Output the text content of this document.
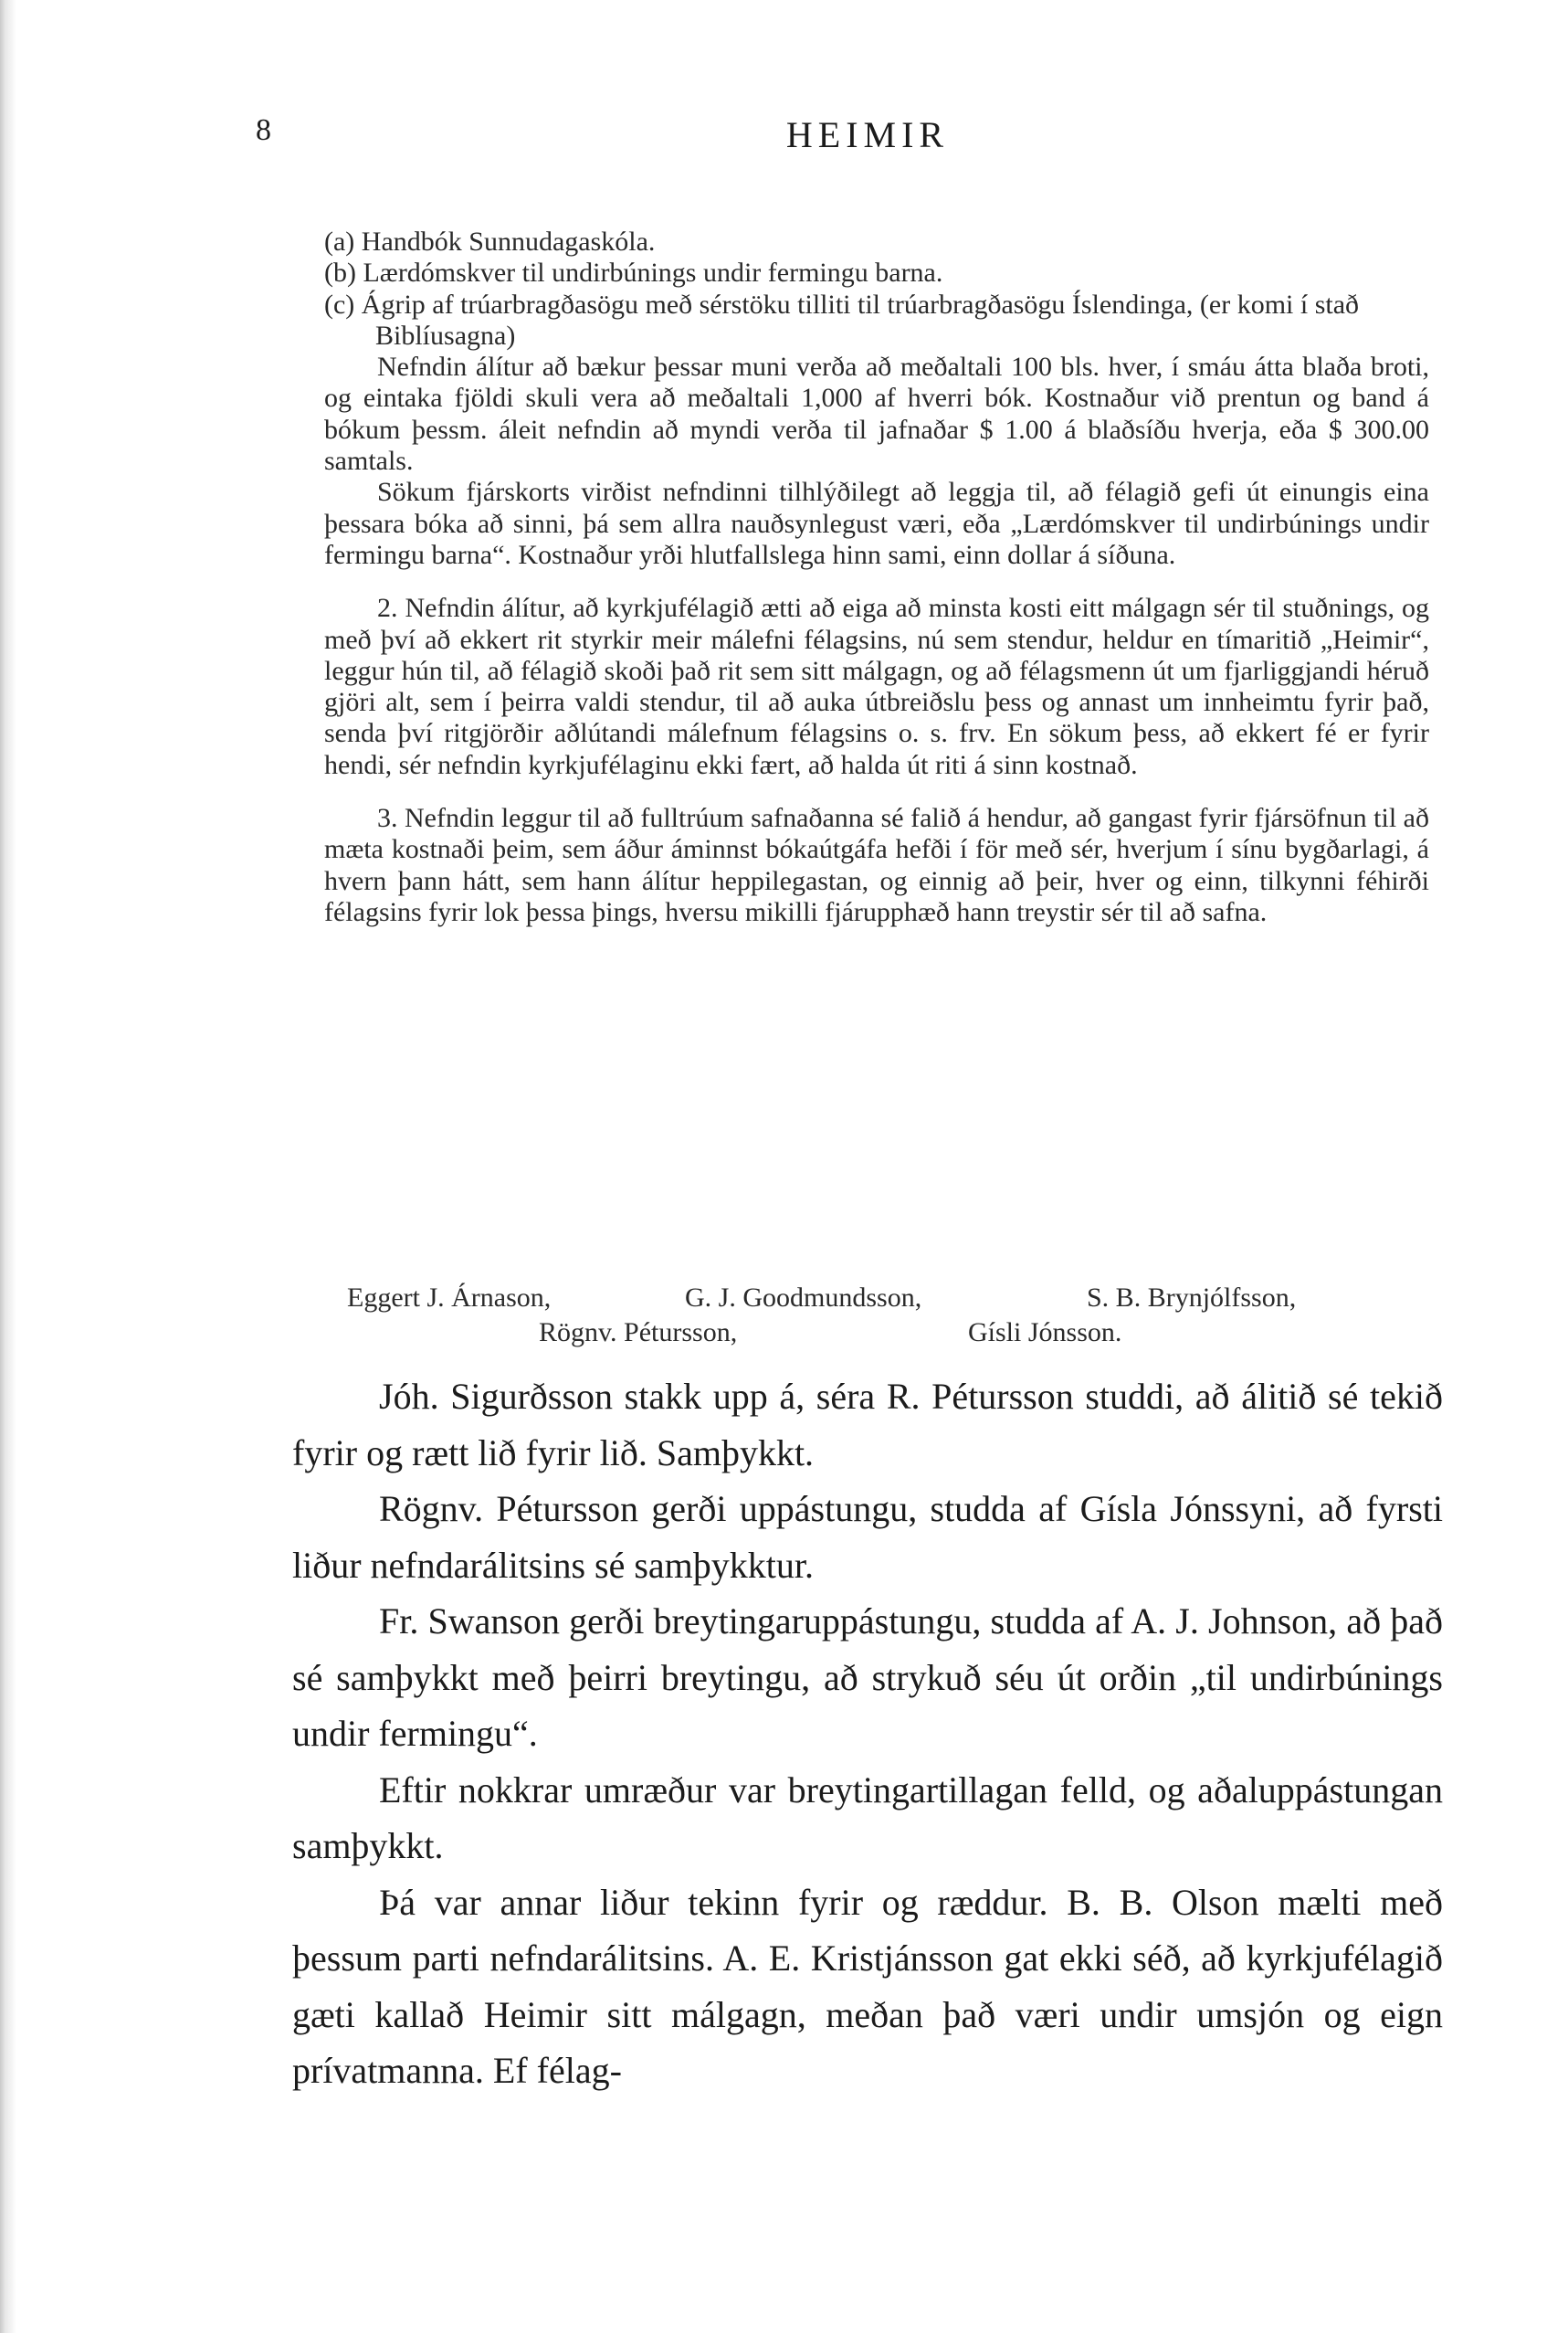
8	HEIMIR

(a) Handbók Sunnudagaskóla.

(b) Lærdómskver til undirbúnings undir fermingu barna.

(c) Ágrip af trúarbragðasögu með sérstöku tilliti til trúarbragðasögu Íslendinga, (er komi í stað Biblíusagna)

Nefndin álítur að bækur þessar muni verða að meðaltali 100 bls. hver, í smáu átta blaða broti, og eintaka fjöldi skuli vera að meðaltali 1,000 af hverri bók. Kostnaður við prentun og band á bókum þessm. áleit nefndin að myndi verða til jafnaðar $ 1.00 á blaðsíðu hverja, eða $ 300.00 samtals.

Sökum fjárskorts virðist nefndinni tilhlýðilegt að leggja til, að félagið gefi út einungis eina þessara bóka að sinni, þá sem allra nauðsynlegust væri, eða „Lærdómskver til undirbúnings undir fermingu barna“. Kostnaður yrði hlutfallslega hinn sami, einn dollar á síðuna.

2. Nefndin álítur, að kyrkjufélagið ætti að eiga að minsta kosti eitt málgagn sér til stuðnings, og með því að ekkert rit styrkir meir málefni félagsins, nú sem stendur, heldur en tímaritið „Heimir“, leggur hún til, að félagið skoði það rit sem sitt málgagn, og að félagsmenn út um fjarliggjandi héruð gjöri alt, sem í þeirra valdi stendur, til að auka útbreiðslu þess og annast um innheimtu fyrir það, senda því ritgjörðir aðlútandi málefnum félagsins o. s. frv. En sökum þess, að ekkert fé er fyrir hendi, sér nefndin kyrkjufélaginu ekki fært, að halda út riti á sinn kostnað.

3. Nefndin leggur til að fulltrúum safnaðanna sé falið á hendur, að gangast fyrir fjársöfnun til að mæta kostnaði þeim, sem áður áminnst bókaútgáfa hefði í för með sér, hverjum í sínu bygðarlagi, á hvern þann hátt, sem hann álítur heppilegastan, og einnig að þeir, hver og einn, tilkynni féhirði félagsins fyrir lok þessa þings, hversu mikilli fjárupphæð hann treystir sér til að safna.

Eggert J. Árnason,	G. J. Goodmundsson,	S. B. Brynjólfsson,
Rögnv. Pétursson,	Gísli Jónsson.

Jóh. Sigurðsson stakk upp á, séra R. Pétursson studdi, að álitið sé tekið fyrir og rætt lið fyrir lið. Samþykkt.

Rögnv. Pétursson gerði uppástungu, studda af Gísla Jónssyni, að fyrsti liður nefndarálitsins sé samþykktur.

Fr. Swanson gerði breytingaruppástungu, studda af A. J. Johnson, að það sé samþykkt með þeirri breytingu, að strykuð séu út orðin „til undirbúnings undir fermingu“.

Eftir nokkrar umræður var breytingartillagan felld, og aðaluppástungan samþykkt.

Þá var annar liður tekinn fyrir og ræddur. B. B. Olson mælti með þessum parti nefndarálitsins. A. E. Kristjánsson gat ekki séð, að kyrkjufélagið gæti kallað Heimir sitt málgagn, meðan það væri undir umsjón og eign prívatmanna. Ef félag-
